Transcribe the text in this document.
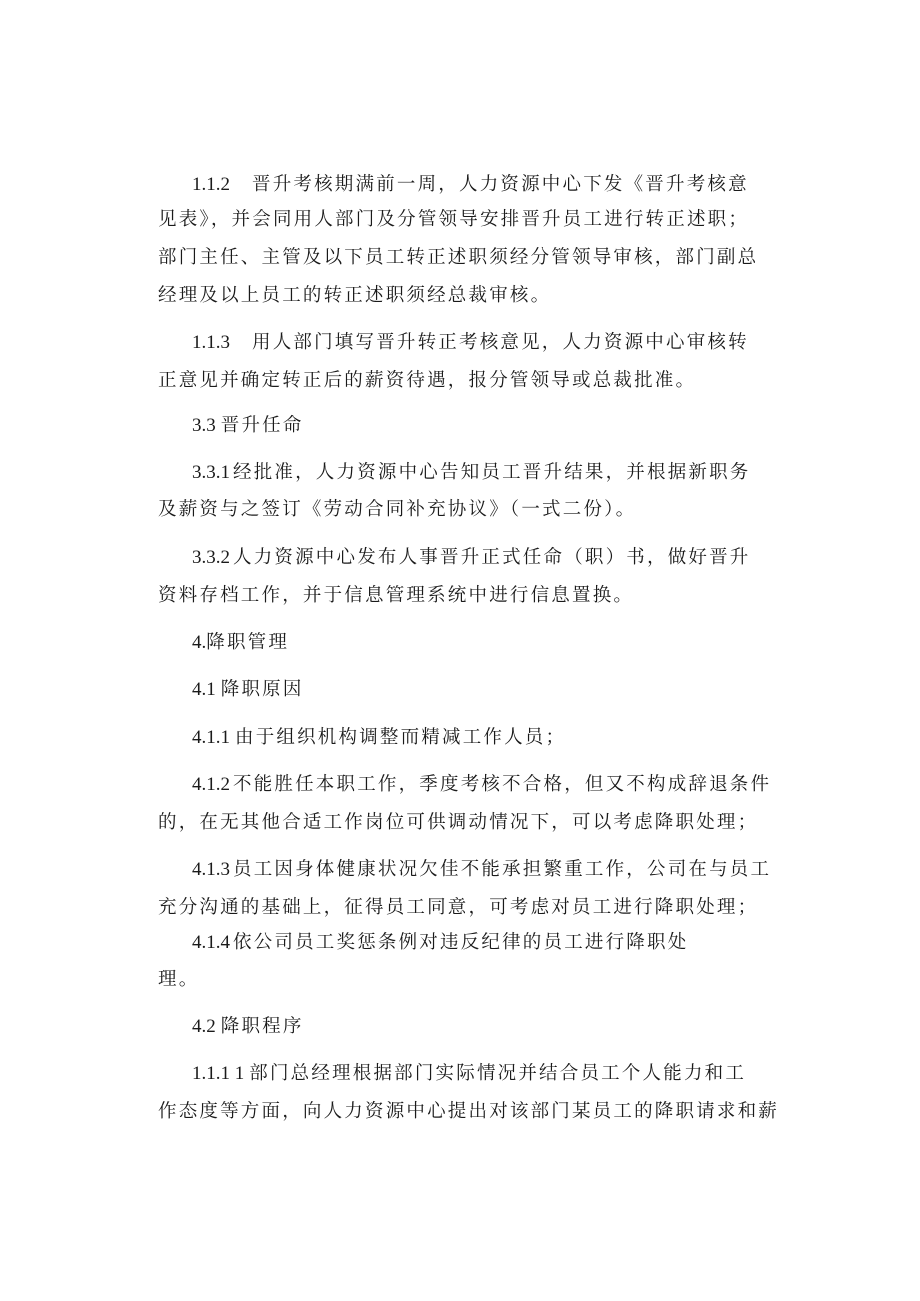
1.1.2 晋升考核期满前一周，人力资源中心下发《晋升考核意
见表》，并会同用人部门及分管领导安排晋升员工进行转正述职；
部门主任、主管及以下员工转正述职须经分管领导审核，部门副总
经理及以上员工的转正述职须经总裁审核。
1.1.3 用人部门填写晋升转正考核意见，人力资源中心审核转
正意见并确定转正后的薪资待遇，报分管领导或总裁批准。
3.3 晋升任命
3.3.1 经批准，人力资源中心告知员工晋升结果，并根据新职务
及薪资与之签订《劳动合同补充协议》（一式二份）。
3.3.2 人力资源中心发布人事晋升正式任命（职）书，做好晋升
资料存档工作，并于信息管理系统中进行信息置换。
4.降职管理
4.1 降职原因
4.1.1 由于组织机构调整而精减工作人员；
4.1.2 不能胜任本职工作，季度考核不合格，但又不构成辞退条件
的，在无其他合适工作岗位可供调动情况下，可以考虑降职处理；
4.1.3 员工因身体健康状况欠佳不能承担繁重工作，公司在与员工
充分沟通的基础上，征得员工同意，可考虑对员工进行降职处理；
4.1.4 依公司员工奖惩条例对违反纪律的员工进行降职处
理。
4.2 降职程序
1.1.1 1 部门总经理根据部门实际情况并结合员工个人能力和工
作态度等方面，向人力资源中心提出对该部门某员工的降职请求和薪
